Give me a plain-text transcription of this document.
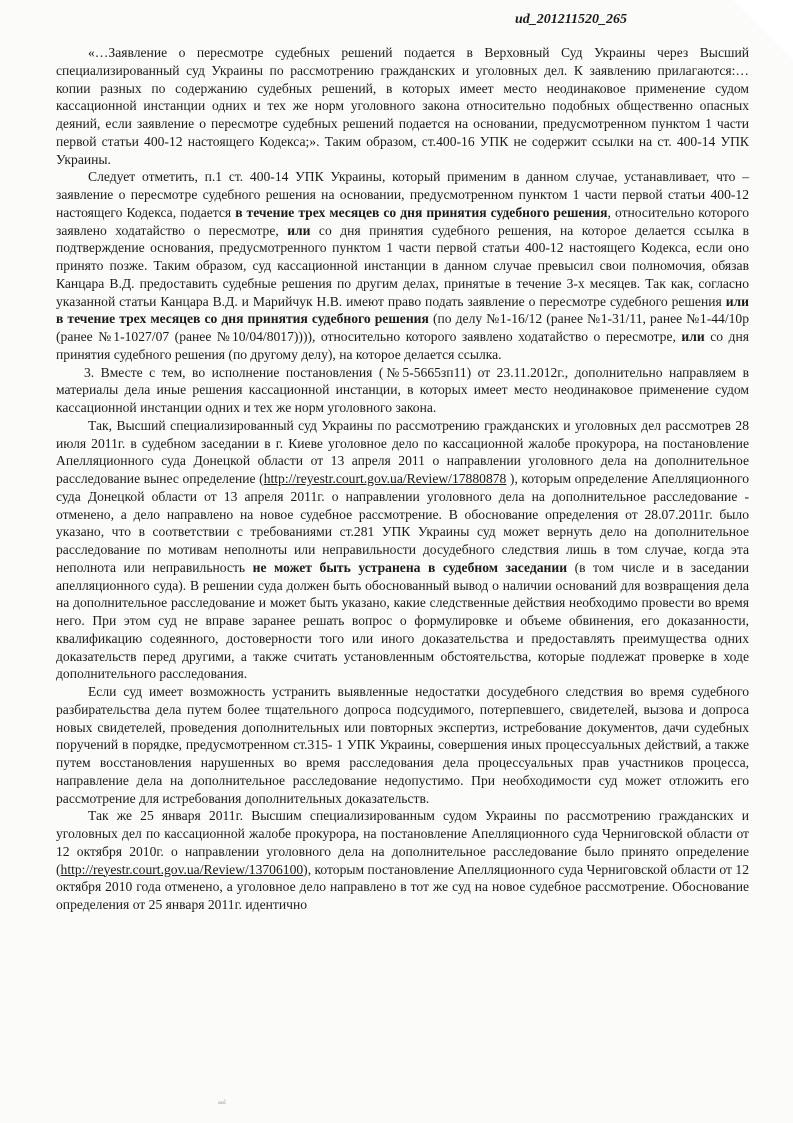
ud_201211520_265

«…Заявление о пересмотре судебных решений подается в Верховный Суд Украины через Высший специализированный суд Украины по рассмотрению гражданских и уголовных дел. К заявлению прилагаются:… копии разных по содержанию судебных решений, в которых имеет место неодинаковое применение судом кассационной инстанции одних и тех же норм уголовного закона относительно подобных общественно опасных деяний, если заявление о пересмотре судебных решений подается на основании, предусмотренном пунктом 1 части первой статьи 400-12 настоящего Кодекса;». Таким образом, ст.400-16 УПК не содержит ссылки на ст. 400-14 УПК Украины.

Следует отметить, п.1 ст. 400-14 УПК Украины, который применим в данном случае, устанавливает, что – заявление о пересмотре судебного решения на основании, предусмотренном пунктом 1 части первой статьи 400-12 настоящего Кодекса, подается в течение трех месяцев со дня принятия судебного решения, относительно которого заявлено ходатайство о пересмотре, или со дня принятия судебного решения, на которое делается ссылка в подтверждение основания, предусмотренного пунктом 1 части первой статьи 400-12 настоящего Кодекса, если оно принято позже. Таким образом, суд кассационной инстанции в данном случае превысил свои полномочия, обязав Канцара В.Д. предоставить судебные решения по другим делах, принятые в течение 3-х месяцев. Так как, согласно указанной статьи Канцара В.Д. и Марийчук Н.В. имеют право подать заявление о пересмотре судебного решения или в течение трех месяцев со дня принятия судебного решения (по делу №1-16/12 (ранее №1-31/11, ранее №1-44/10р (ранее №1-1027/07 (ранее №10/04/8017)))), относительно которого заявлено ходатайство о пересмотре, или со дня принятия судебного решения (по другому делу), на которое делается ссылка.

3. Вместе с тем, во исполнение постановления (№5-5665зп11) от 23.11.2012г., дополнительно направляем в материалы дела иные решения кассационной инстанции, в которых имеет место неодинаковое применение судом кассационной инстанции одних и тех же норм уголовного закона.

Так, Высший специализированный суд Украины по рассмотрению гражданских и уголовных дел рассмотрев 28 июля 2011г. в судебном заседании в г. Киеве уголовное дело по кассационной жалобе прокурора, на постановление Апелляционного суда Донецкой области от 13 апреля 2011 о направлении уголовного дела на дополнительное расследование вынес определение (http://reyestr.court.gov.ua/Review/17880878 ), которым определение Апелляционного суда Донецкой области от 13 апреля 2011г. о направлении уголовного дела на дополнительное расследование - отменено, а дело направлено на новое судебное рассмотрение. В обоснование определения от 28.07.2011г. было указано, что в соответствии с требованиями ст.281 УПК Украины суд может вернуть дело на дополнительное расследование по мотивам неполноты или неправильности досудебного следствия лишь в том случае, когда эта неполнота или неправильность не может быть устранена в судебном заседании (в том числе и в заседании апелляционного суда). В решении суда должен быть обоснованный вывод о наличии оснований для возвращения дела на дополнительное расследование и может быть указано, какие следственные действия необходимо провести во время него. При этом суд не вправе заранее решать вопрос о формулировке и объеме обвинения, его доказанности, квалификацию содеянного, достоверности того или иного доказательства и предоставлять преимущества одних доказательств перед другими, а также считать установленным обстоятельства, которые подлежат проверке в ходе дополнительного расследования.

Если суд имеет возможность устранить выявленные недостатки досудебного следствия во время судебного разбирательства дела путем более тщательного допроса подсудимого, потерпевшего, свидетелей, вызова и допроса новых свидетелей, проведения дополнительных или повторных экспертиз, истребование документов, дачи судебных поручений в порядке, предусмотренном ст.315- 1 УПК Украины, совершения иных процессуальных действий, а также путем восстановления нарушенных во время расследования дела процессуальных прав участников процесса, направление дела на дополнительное расследование недопустимо. При необходимости суд может отложить его рассмотрение для истребования дополнительных доказательств.

Так же 25 января 2011г. Высшим специализированным судом Украины по рассмотрению гражданских и уголовных дел по кассационной жалобе прокурора, на постановление Апелляционного суда Черниговской области от 12 октября 2010г. о направлении уголовного дела на дополнительное расследование было принято определение (http://reyestr.court.gov.ua/Review/13706100), которым постановление Апелляционного суда Черниговской области от 12 октября 2010 года отменено, а уголовное дело направлено в тот же суд на новое судебное рассмотрение. Обоснование определения от 25 января 2011г. идентично

ᵃᵃˡ
